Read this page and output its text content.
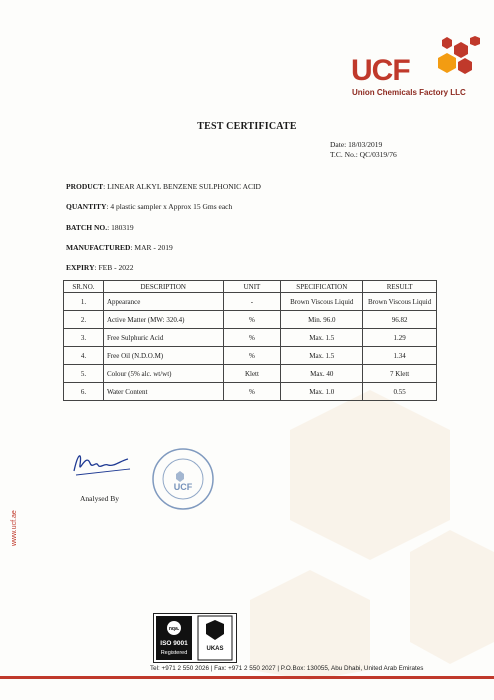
UCF
Union Chemicals Factory LLC
TEST CERTIFICATE
Date: 18/03/2019
T.C. No.: QC/0319/76
PRODUCT: LINEAR ALKYL BENZENE SULPHONIC ACID
QUANTITY: 4 plastic sampler x Approx 15 Gms each
BATCH NO.: 180319
MANUFACTURED: MAR - 2019
EXPIRY: FEB - 2022
SR.NO.	DESCRIPTION	UNIT	SPECIFICATION	RESULT
1.	Appearance	-	Brown Viscous Liquid	Brown Viscous Liquid
2.	Active Matter (MW: 320.4)	%	Min. 96.0	96.82
3.	Free Sulphuric Acid	%	Max. 1.5	1.29
4.	Free Oil (N.D.O.M)	%	Max. 1.5	1.34
5.	Colour (5% alc. wt/wt)	Klett	Max. 40	7 Klett
6.	Water Content	%	Max. 1.0	0.55
Analysed By
UCF
www.ucf.ae
nqa.
ISO 9001
Registered
UKAS
Tel: +971 2 550 2026 | Fax: +971 2 550 2027 | P.O.Box: 130055, Abu Dhabi, United Arab Emirates
